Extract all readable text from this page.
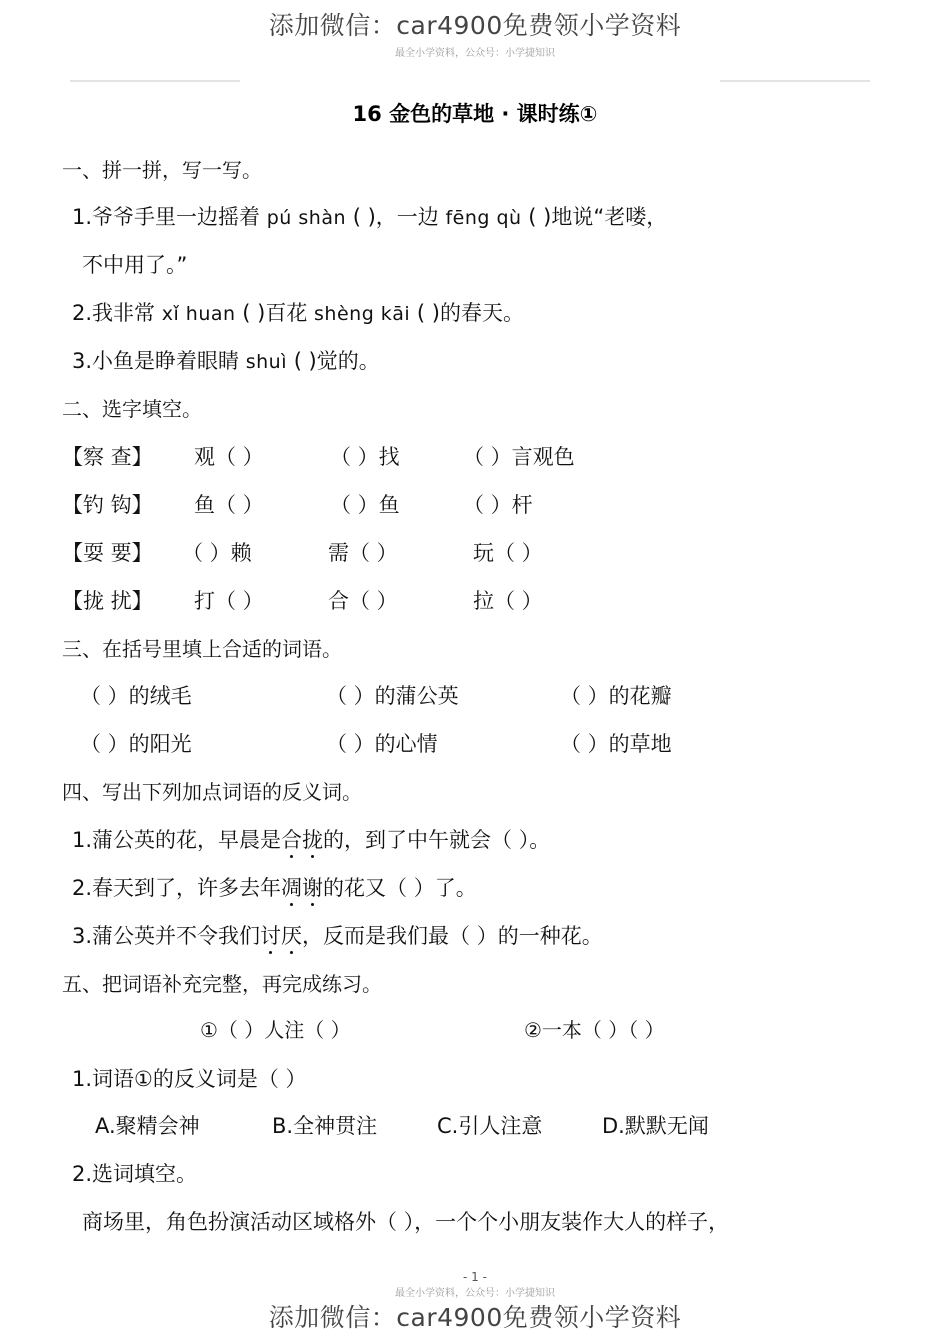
添加微信：car4900免费领小学资料
最全小学资料，公众号：小学捷知识
16 金色的草地 · 课时练①
一、拼一拼，写一写。
1.爷爷手里一边摇着 pú shàn ( )，一边 fēng qù ( )地说“老喽，
不中用了。”
2.我非常 xǐ huan ( )百花 shèng kāi ( )的春天。
3.小鱼是睁着眼睛 shuì ( )觉的。
二、选字填空。
【察 查】 观（ ）	（ ）找	（ ）言观色
【钓 钩】 鱼（ ）	（ ）鱼	（ ）杆
【耍 要】 （ ）赖	需（ ）	玩（ ）
【拢 扰】 打（ ）	合（ ）	拉（ ）
三、在括号里填上合适的词语。
（ ）的绒毛	（ ）的蒲公英	（ ）的花瓣
（ ）的阳光	（ ）的心情	（ ）的草地
四、写出下列加点词语的反义词。
1.蒲公英的花，早晨是合拢的，到了中午就会（ ）。
2.春天到了，许多去年凋谢的花又（ ）了。
3.蒲公英并不令我们讨厌，反而是我们最（ ）的一种花。
五、把词语补充完整，再完成练习。
①（ ）人注（ ）	②一本（ ）（ ）
1.词语①的反义词是（ ）
A.聚精会神	B.全神贯注	C.引人注意	D.默默无闻
2.选词填空。
商场里，角色扮演活动区域格外（ ），一个个小朋友装作大人的样子，
- 1 -
最全小学资料，公众号：小学捷知识
添加微信：car4900免费领小学资料
